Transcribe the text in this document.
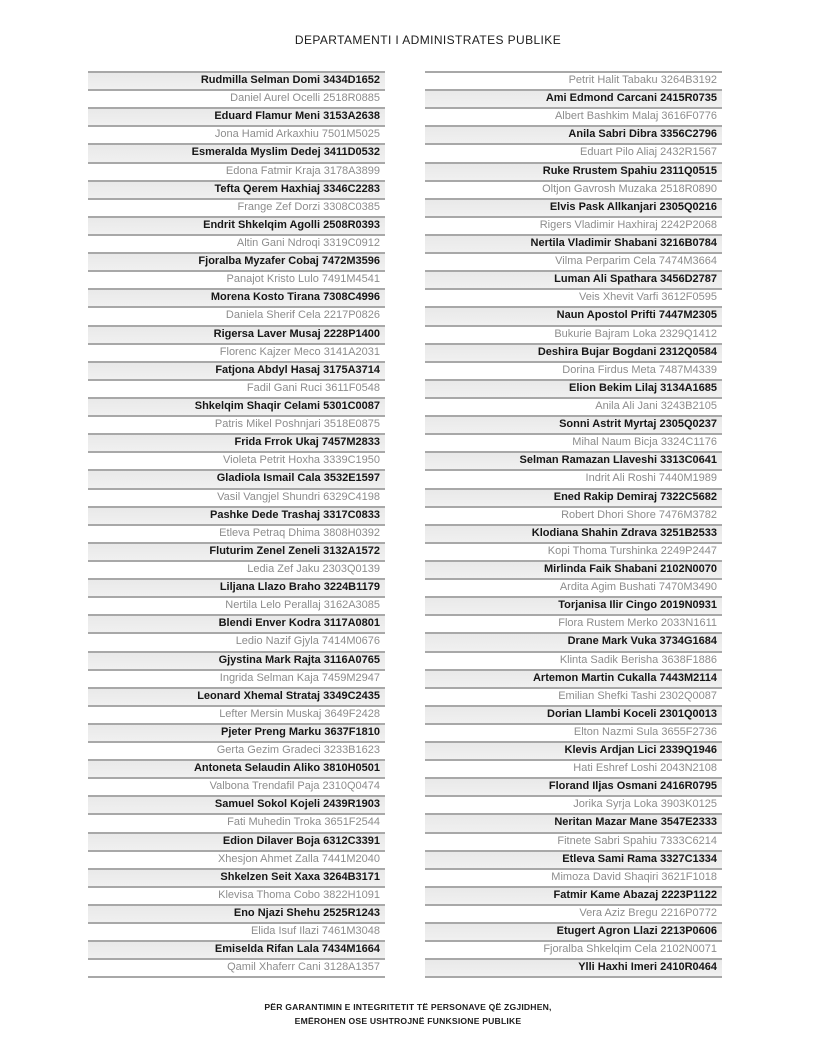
DEPARTAMENTI I ADMINISTRATES PUBLIKE
Rudmilla Selman Domi 3434D1652
Daniel Aurel Ocelli 2518R0885
Eduard Flamur Meni 3153A2638
Jona Hamid Arkaxhiu 7501M5025
Esmeralda Myslim Dedej 3411D0532
Edona Fatmir Kraja 3178A3899
Tefta Qerem Haxhiaj 3346C2283
Frange Zef Dorzi 3308C0385
Endrit Shkelqim Agolli 2508R0393
Altin Gani Ndroqi 3319C0912
Fjoralba Myzafer Cobaj 7472M3596
Panajot Kristo Lulo 7491M4541
Morena Kosto Tirana 7308C4996
Daniela Sherif Cela 2217P0826
Rigersa Laver Musaj 2228P1400
Florenc Kajzer Meco 3141A2031
Fatjona Abdyl Hasaj 3175A3714
Fadil Gani Ruci 3611F0548
Shkelqim Shaqir Celami 5301C0087
Patris Mikel Poshnjari 3518E0875
Frida Frrok Ukaj 7457M2833
Violeta Petrit Hoxha 3339C1950
Gladiola Ismail Cala 3532E1597
Vasil Vangjel Shundri 6329C4198
Pashke Dede Trashaj 3317C0833
Etleva Petraq Dhima 3808H0392
Fluturim Zenel Zeneli 3132A1572
Ledia Zef Jaku 2303Q0139
Liljana Llazo Braho 3224B1179
Nertila Lelo Perallaj 3162A3085
Blendi Enver Kodra 3117A0801
Ledio Nazif Gjyla 7414M0676
Gjystina Mark Rajta 3116A0765
Ingrida Selman Kaja 7459M2947
Leonard Xhemal Strataj 3349C2435
Lefter Mersin Muskaj 3649F2428
Pjeter Preng Marku 3637F1810
Gerta Gezim Gradeci 3233B1623
Antoneta Selaudin Aliko 3810H0501
Valbona Trendafil Paja 2310Q0474
Samuel Sokol Kojeli 2439R1903
Fati Muhedin Troka 3651F2544
Edion Dilaver Boja 6312C3391
Xhesjon Ahmet Zalla 7441M2040
Shkelzen Seit Xaxa 3264B3171
Klevisa Thoma Cobo 3822H1091
Eno Njazi Shehu 2525R1243
Elida Isuf Ilazi 7461M3048
Emiselda Rifan Lala 7434M1664
Qamil Xhaferr Cani 3128A1357
Petrit Halit Tabaku 3264B3192
Ami Edmond Carcani 2415R0735
Albert Bashkim Malaj 3616F0776
Anila Sabri Dibra 3356C2796
Eduart Pilo Aliaj 2432R1567
Ruke Rrustem Spahiu 2311Q0515
Oltjon Gavrosh Muzaka 2518R0890
Elvis Pask Allkanjari 2305Q0216
Rigers Vladimir Haxhiraj 2242P2068
Nertila Vladimir Shabani 3216B0784
Vilma Perparim Cela 7474M3664
Luman Ali Spathara 3456D2787
Veis Xhevit Varfi 3612F0595
Naun Apostol Prifti 7447M2305
Bukurie Bajram Loka 2329Q1412
Deshira Bujar Bogdani 2312Q0584
Dorina Firdus Meta 7487M4339
Elion Bekim Lilaj 3134A1685
Anila Ali Jani 3243B2105
Sonni Astrit Myrtaj 2305Q0237
Mihal Naum Bicja 3324C1176
Selman Ramazan Llaveshi 3313C0641
Indrit Ali Roshi 7440M1989
Ened Rakip Demiraj 7322C5682
Robert Dhori Shore 7476M3782
Klodiana Shahin Zdrava 3251B2533
Kopi Thoma Turshinka 2249P2447
Mirlinda Faik Shabani 2102N0070
Ardita Agim Bushati 7470M3490
Torjanisa Ilir Cingo 2019N0931
Flora Rustem Merko 2033N1611
Drane Mark Vuka 3734G1684
Klinta Sadik Berisha 3638F1886
Artemon Martin Cukalla 7443M2114
Emilian Shefki Tashi 2302Q0087
Dorian Llambi Koceli 2301Q0013
Elton Nazmi Sula 3655F2736
Klevis Ardjan Lici 2339Q1946
Hati Eshref Loshi 2043N2108
Florand Iljas Osmani 2416R0795
Jorika Syrja Loka 3903K0125
Neritan Mazar Mane 3547E2333
Fitnete Sabri Spahiu 7333C6214
Etleva Sami Rama 3327C1334
Mimoza David Shaqiri 3621F1018
Fatmir Kame Abazaj 2223P1122
Vera Aziz Bregu 2216P0772
Etugert Agron Llazi 2213P0606
Fjoralba Shkelqim Cela 2102N0071
Ylli Haxhi Imeri 2410R0464
PËR GARANTIMIN E INTEGRITETIT TË PERSONAVE QË ZGJIDHEN,
EMËROHEN OSE USHTROJNË FUNKSIONE PUBLIKE
